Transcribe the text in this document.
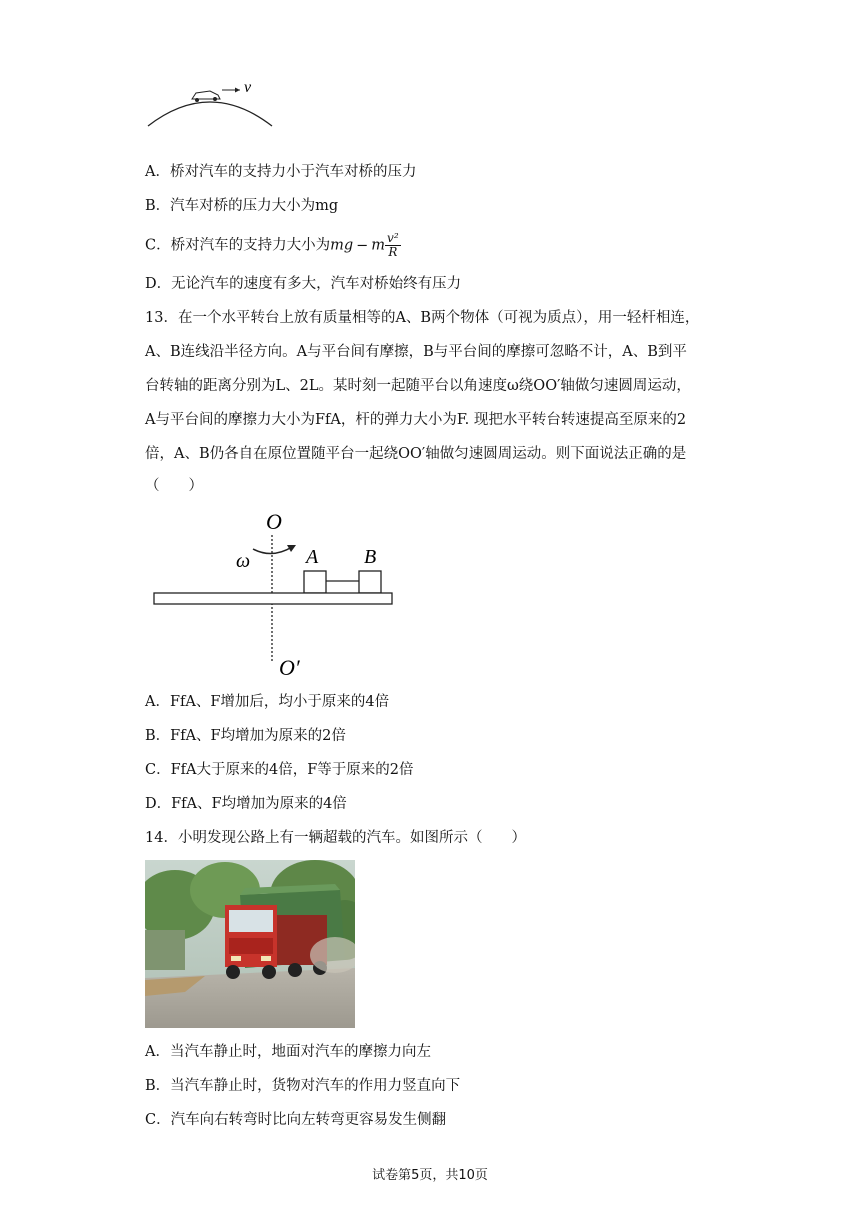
v
A．桥对汽车的支持力小于汽车对桥的压力
B．汽车对桥的压力大小为mg
C．桥对汽车的支持力大小为mg − m $\frac{\text{v²}}{R}$
D．无论汽车的速度有多大，汽车对桥始终有压力
13．在一个水平转台上放有质量相等的A、B两个物体（可视为质点），用一轻杆相连，
A、B连线沿半径方向。A与平台间有摩擦，B与平台间的摩擦可忽略不计，A、B到平
台转轴的距离分别为L、2L。某时刻一起随平台以角速度ω绕OO′轴做匀速圆周运动，
A与平台间的摩擦力大小为FfA，杆的弹力大小为F. 现把水平转台转速提高至原来的2
倍，A、B仍各自在原位置随平台一起绕OO′轴做匀速圆周运动。则下面说法正确的是
（　　）
O
O′
ω	A B
A．FfA、F增加后，均小于原来的4倍
B．FfA、F均增加为原来的2倍
C．FfA大于原来的4倍，F等于原来的2倍
D．FfA、F均增加为原来的4倍
14．小明发现公路上有一辆超载的汽车。如图所示（　　）
A．当汽车静止时，地面对汽车的摩擦力向左
B．当汽车静止时，货物对汽车的作用力竖直向下
C．汽车向右转弯时比向左转弯更容易发生侧翻
试卷第5页，共10页
